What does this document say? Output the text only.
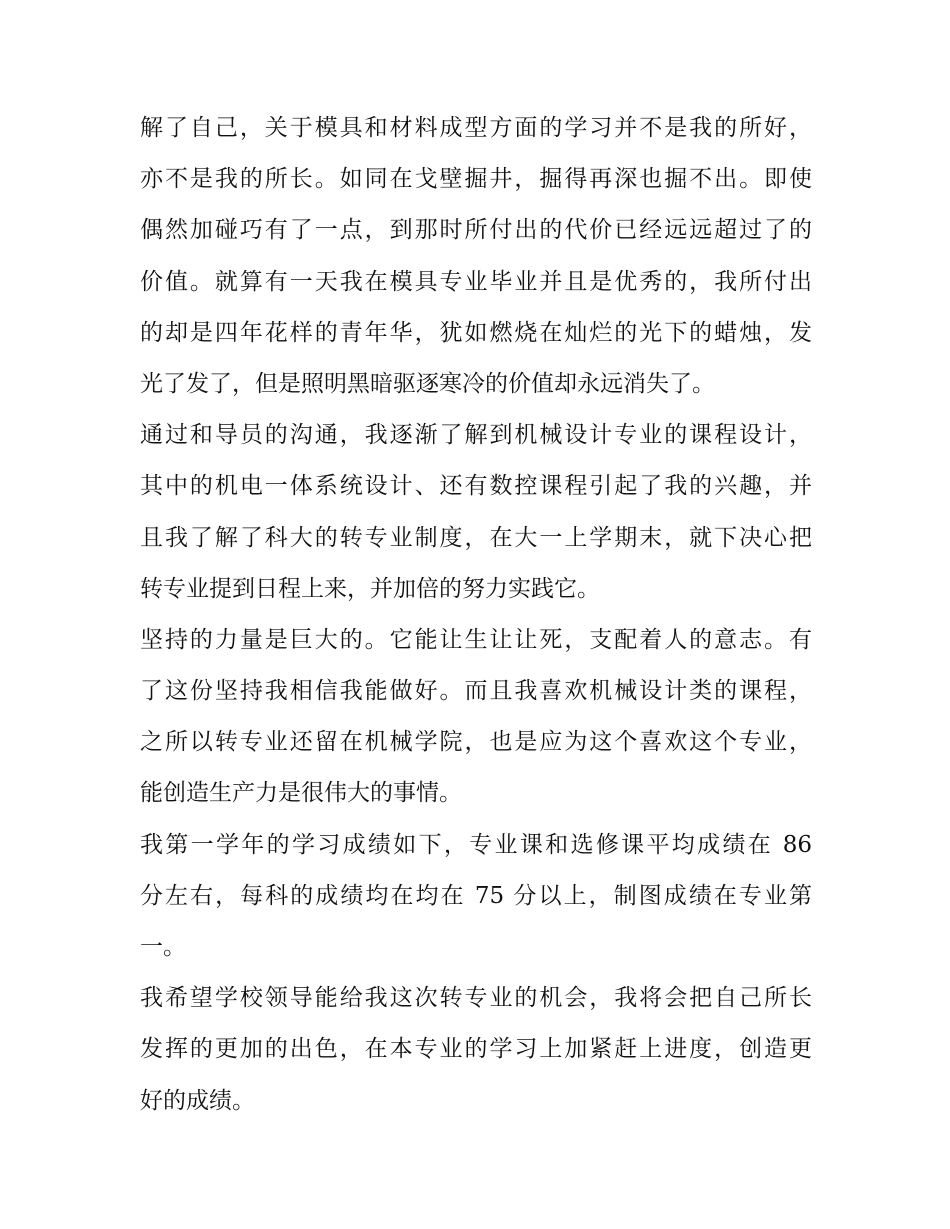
解了自己，关于模具和材料成型方面的学习并不是我的所好，
亦不是我的所长。如同在戈壁掘井，掘得再深也掘不出。即使
偶然加碰巧有了一点，到那时所付出的代价已经远远超过了的
价值。就算有一天我在模具专业毕业并且是优秀的，我所付出
的却是四年花样的青年华，犹如燃烧在灿烂的光下的蜡烛，发
光了发了，但是照明黑暗驱逐寒冷的价值却永远消失了。
通过和导员的沟通，我逐渐了解到机械设计专业的课程设计，
其中的机电一体系统设计、还有数控课程引起了我的兴趣，并
且我了解了科大的转专业制度，在大一上学期末，就下决心把
转专业提到日程上来，并加倍的努力实践它。
坚持的力量是巨大的。它能让生让让死，支配着人的意志。有
了这份坚持我相信我能做好。而且我喜欢机械设计类的课程，
之所以转专业还留在机械学院，也是应为这个喜欢这个专业，
能创造生产力是很伟大的事情。
我第一学年的学习成绩如下，专业课和选修课平均成绩在 86
分左右，每科的成绩均在均在 75 分以上，制图成绩在专业第
一。
我希望学校领导能给我这次转专业的机会，我将会把自己所长
发挥的更加的出色，在本专业的学习上加紧赶上进度，创造更
好的成绩。
